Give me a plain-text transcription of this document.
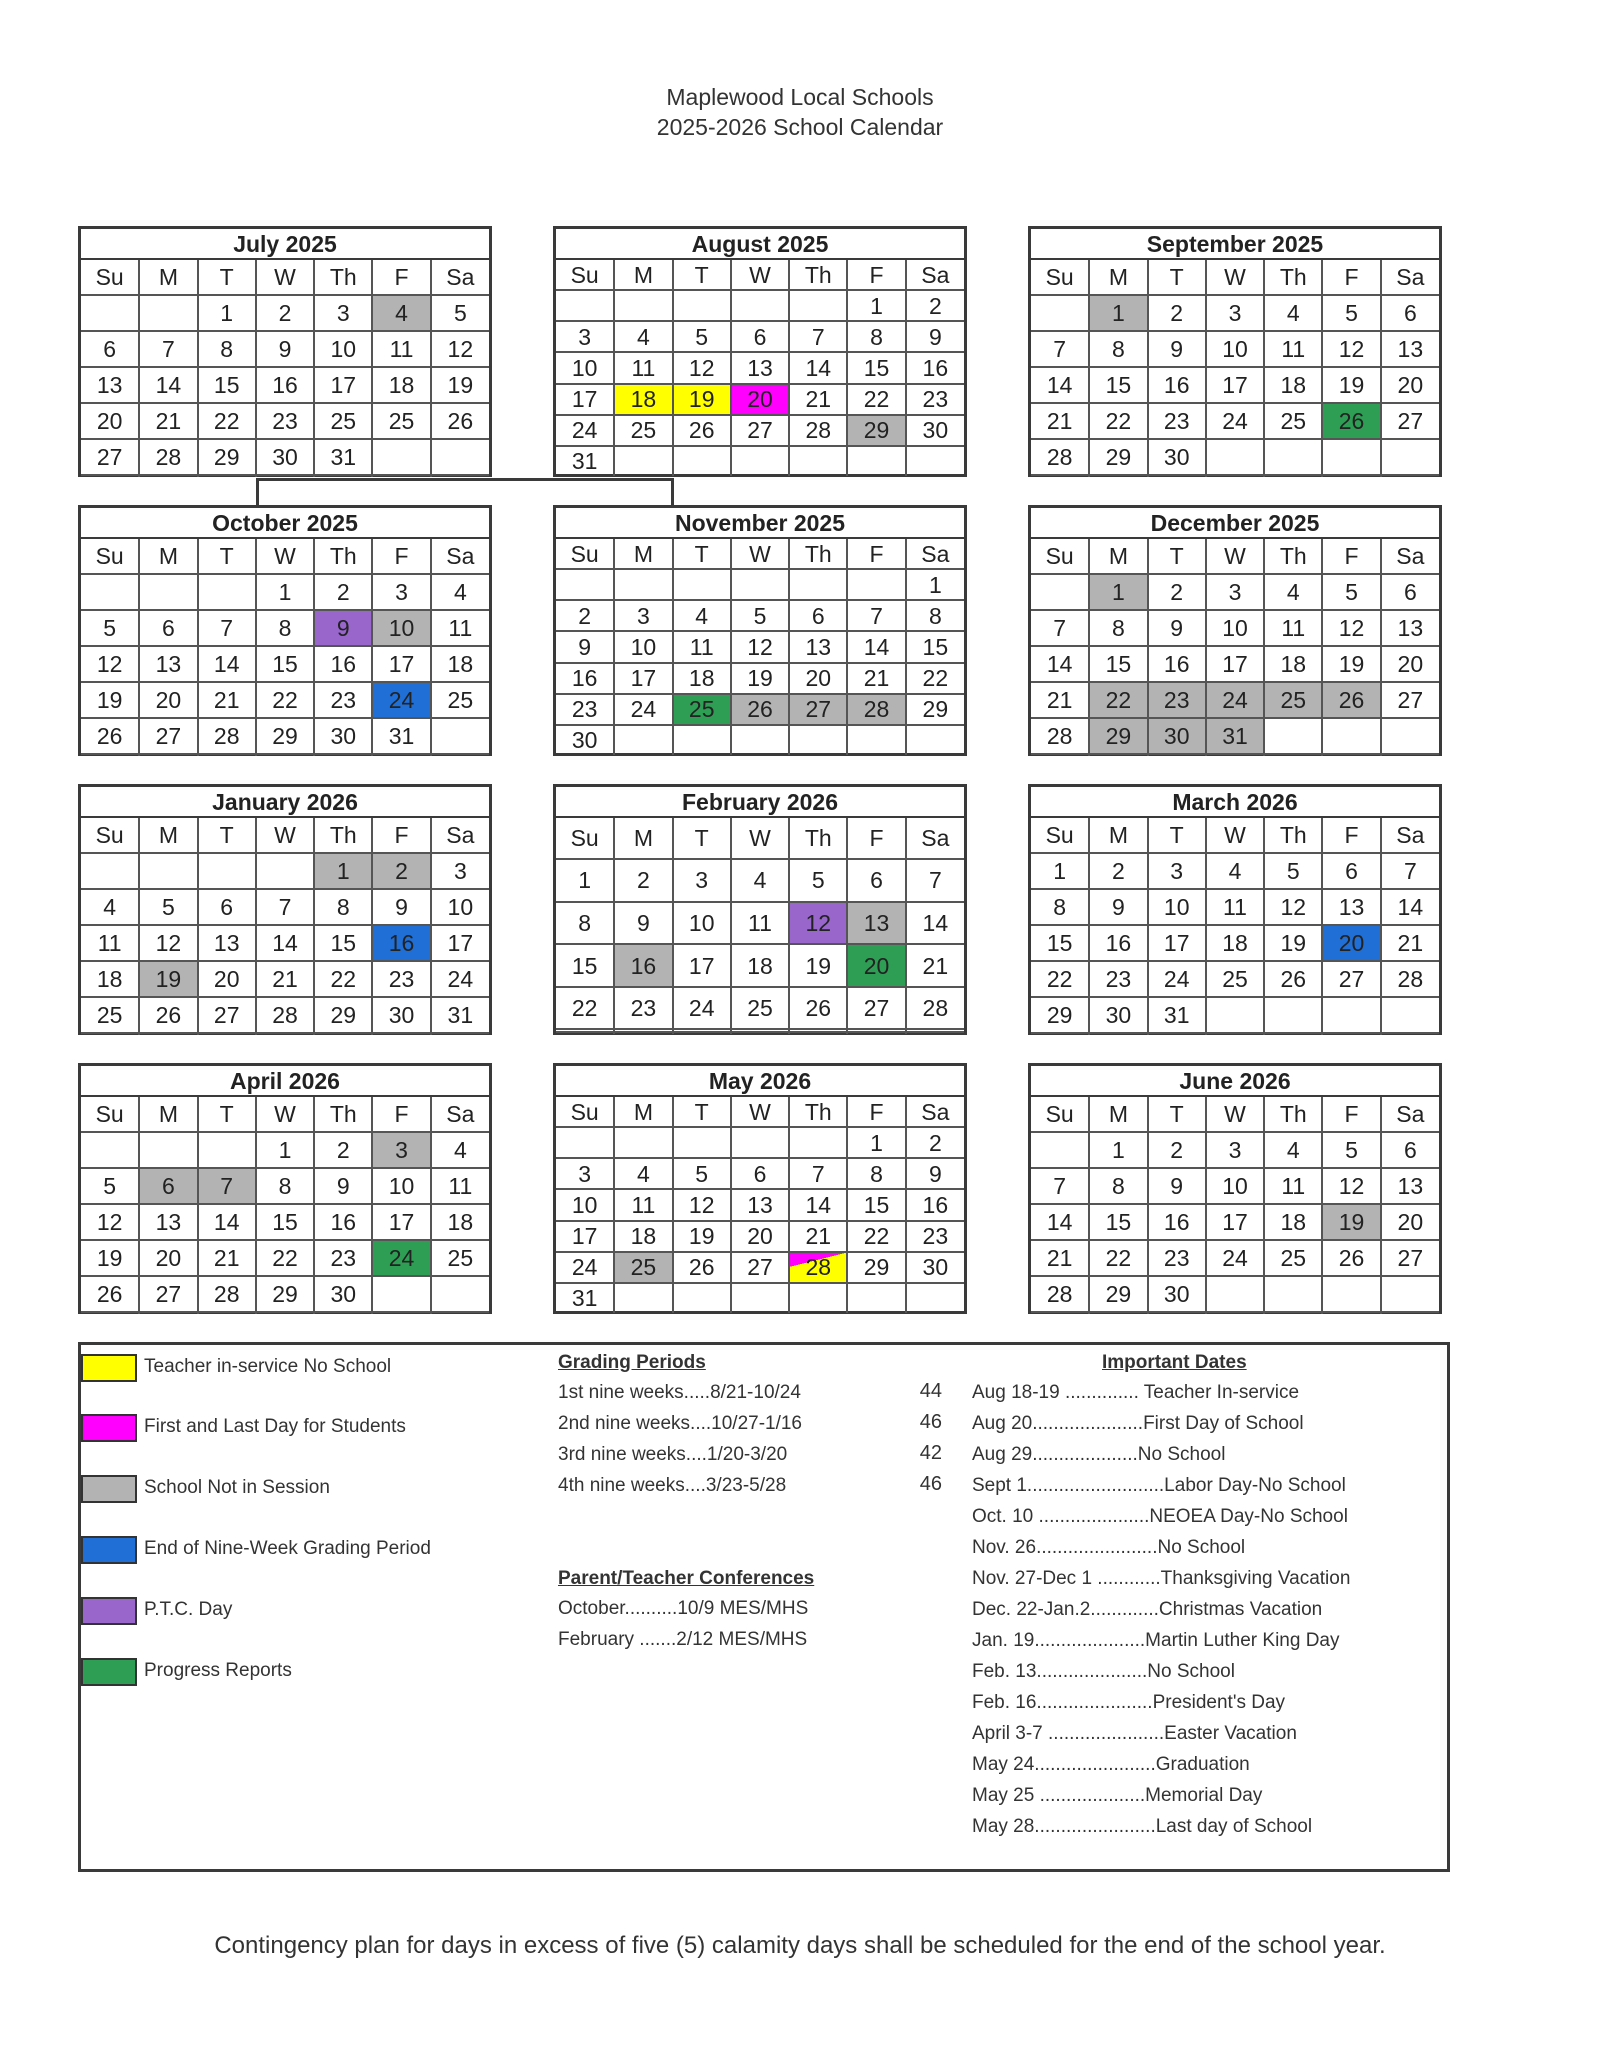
Maplewood Local Schools
2025-2026 School Calendar
July 2025
Su	M	T	W	Th	F	Sa
		1	2	3	4	5
6	7	8	9	10	11	12
13	14	15	16	17	18	19
20	21	22	23	25	25	26
27	28	29	30	31		

August 2025
Su	M	T	W	Th	F	Sa
					1	2
3	4	5	6	7	8	9
10	11	12	13	14	15	16
17	18	19	20	21	22	23
24	25	26	27	28	29	30
31						
September 2025
Su	M	T	W	Th	F	Sa
	1	2	3	4	5	6
7	8	9	10	11	12	13
14	15	16	17	18	19	20
21	22	23	24	25	26	27
28	29	30				

October 2025
Su	M	T	W	Th	F	Sa
			1	2	3	4
5	6	7	8	9	10	11
12	13	14	15	16	17	18
19	20	21	22	23	24	25
26	27	28	29	30	31	

November 2025
Su	M	T	W	Th	F	Sa
						1
2	3	4	5	6	7	8
9	10	11	12	13	14	15
16	17	18	19	20	21	22
23	24	25	26	27	28	29
30						
December 2025
Su	M	T	W	Th	F	Sa
	1	2	3	4	5	6
7	8	9	10	11	12	13
14	15	16	17	18	19	20
21	22	23	24	25	26	27
28	29	30	31			

January 2026
Su	M	T	W	Th	F	Sa
				1	2	3
4	5	6	7	8	9	10
11	12	13	14	15	16	17
18	19	20	21	22	23	24
25	26	27	28	29	30	31

February 2026
Su	M	T	W	Th	F	Sa
1	2	3	4	5	6	7
8	9	10	11	12	13	14
15	16	17	18	19	20	21
22	23	24	25	26	27	28

March 2026
Su	M	T	W	Th	F	Sa
1	2	3	4	5	6	7
8	9	10	11	12	13	14
15	16	17	18	19	20	21
22	23	24	25	26	27	28
29	30	31				

April 2026
Su	M	T	W	Th	F	Sa
			1	2	3	4
5	6	7	8	9	10	11
12	13	14	15	16	17	18
19	20	21	22	23	24	25
26	27	28	29	30		

May 2026
Su	M	T	W	Th	F	Sa
					1	2
3	4	5	6	7	8	9
10	11	12	13	14	15	16
17	18	19	20	21	22	23
24	25	26	27	28	29	30
31						
June 2026
Su	M	T	W	Th	F	Sa
	1	2	3	4	5	6
7	8	9	10	11	12	13
14	15	16	17	18	19	20
21	22	23	24	25	26	27
28	29	30				

Teacher in-service No School
First and Last Day for Students
School Not in Session
End of Nine-Week Grading Period
P.T.C. Day
Progress Reports
Grading Periods
1st nine weeks.....8/21-10/24	44
2nd nine weeks....10/27-1/16	46
3rd nine weeks....1/20-3/20	42
4th nine weeks....3/23-5/28	46
Parent/Teacher Conferences
October..........10/9 MES/MHS
February .......2/12 MES/MHS
Important Dates
Aug 18-19 .............. Teacher In-service
Aug 20.....................First Day of School
Aug 29....................No School
Sept 1..........................Labor Day-No School
Oct. 10 .....................NEOEA Day-No School
Nov. 26.......................No School
Nov. 27-Dec 1 ............Thanksgiving Vacation
Dec. 22-Jan.2.............Christmas Vacation
Jan. 19.....................Martin Luther King Day
Feb. 13.....................No School
Feb. 16......................President's Day
April 3-7 ......................Easter Vacation
May 24.......................Graduation
May 25 ....................Memorial Day
May 28.......................Last day of School
Contingency plan for days in excess of five (5) calamity days shall be scheduled for the end of the school year.
